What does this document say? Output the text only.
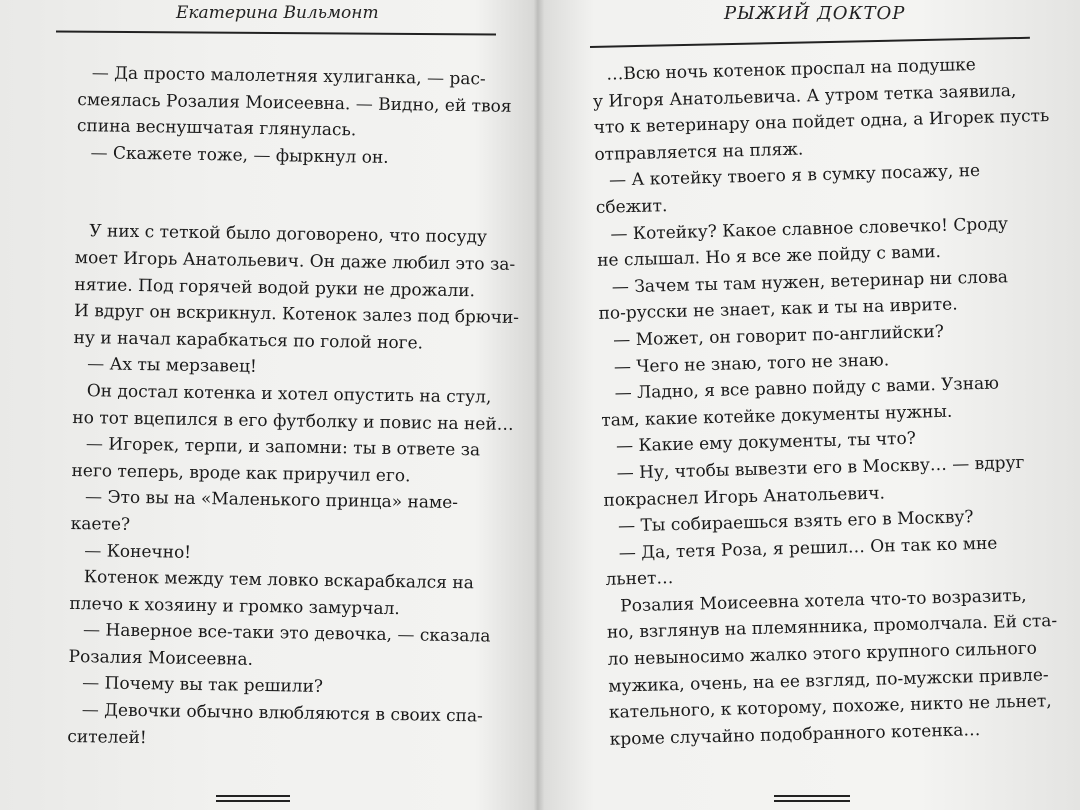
Екатерина Вильмонт
— Да просто малолетняя хулиганка, — рас-
смеялась Розалия Моисеевна. — Видно, ей твоя
спина веснушчатая глянулась.
— Скажете тоже, — фыркнул он.
У них с теткой было договорено, что посуду
моет Игорь Анатольевич. Он даже любил это за-
нятие. Под горячей водой руки не дрожали.
И вдруг он вскрикнул. Котенок залез под брючи-
ну и начал карабкаться по голой ноге.
— Ах ты мерзавец!
Он достал котенка и хотел опустить на стул,
но тот вцепился в его футболку и повис на ней…
— Игорек, терпи, и запомни: ты в ответе за
него теперь, вроде как приручил его.
— Это вы на «Маленького принца» наме-
каете?
— Конечно!
Котенок между тем ловко вскарабкался на
плечо к хозяину и громко замурчал.
— Наверное все-таки это девочка, — сказала
Розалия Моисеевна.
— Почему вы так решили?
— Девочки обычно влюбляются в своих спа-
сителей!
РЫЖИЙ ДОКТОР
…Всю ночь котенок проспал на подушке
у Игоря Анатольевича. А утром тетка заявила,
что к ветеринару она пойдет одна, а Игорек пусть
отправляется на пляж.
— А котейку твоего я в сумку посажу, не
сбежит.
— Котейку? Какое славное словечко! Сроду
не слышал. Но я все же пойду с вами.
— Зачем ты там нужен, ветеринар ни слова
по-русски не знает, как и ты на иврите.
— Может, он говорит по-английски?
— Чего не знаю, того не знаю.
— Ладно, я все равно пойду с вами. Узнаю
там, какие котейке документы нужны.
— Какие ему документы, ты что?
— Ну, чтобы вывезти его в Москву… — вдруг
покраснел Игорь Анатольевич.
— Ты собираешься взять его в Москву?
— Да, тетя Роза, я решил… Он так ко мне
льнет…
Розалия Моисеевна хотела что-то возразить,
но, взглянув на племянника, промолчала. Ей ста-
ло невыносимо жалко этого крупного сильного
мужика, очень, на ее взгляд, по-мужски привле-
кательного, к которому, похоже, никто не льнет,
кроме случайно подобранного котенка…
